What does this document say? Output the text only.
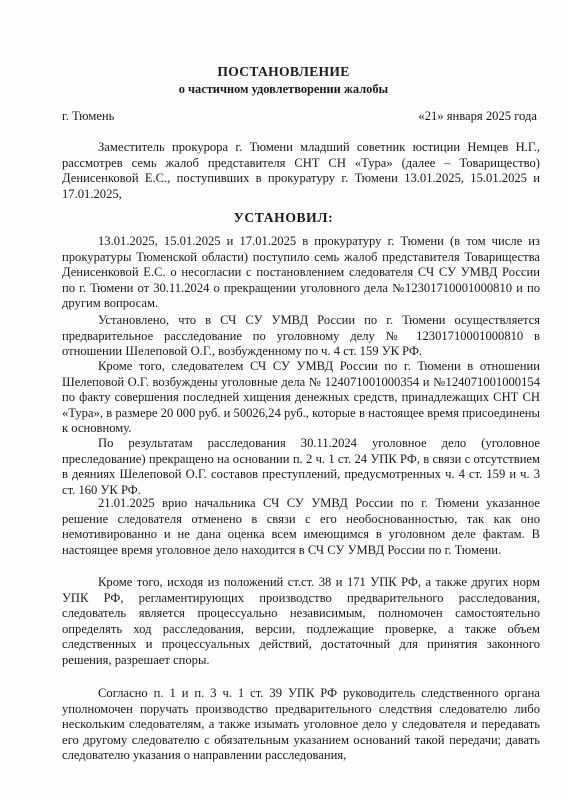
ПОСТАНОВЛЕНИЕ
о частичном удовлетворении жалобы
г. Тюмень	«21» января 2025 года

Заместитель прокурора г. Тюмени младший советник юстиции Немцев Н.Г., рассмотрев семь жалоб представителя СНТ СН «Тура» (далее – Товарищество) Денисенковой Е.С., поступивших в прокуратуру г. Тюмени 13.01.2025, 15.01.2025 и 17.01.2025,

УСТАНОВИЛ:

13.01.2025, 15.01.2025 и 17.01.2025 в прокуратуру г. Тюмени (в том числе из прокуратуры Тюменской области) поступило семь жалоб представителя Товарищества Денисенковой Е.С. о несогласии с постановлением следователя СЧ СУ УМВД России по г. Тюмени от 30.11.2024 о прекращении уголовного дела №12301710001000810 и по другим вопросам.

Установлено, что в СЧ СУ УМВД России по г. Тюмени осуществляется предварительное расследование по уголовному делу № 12301710001000810 в отношении Шелеповой О.Г., возбужденному по ч. 4 ст. 159 УК РФ.

Кроме того, следователем СЧ СУ УМВД России по г. Тюмени в отношении Шелеповой О.Г. возбуждены уголовные дела № 124071001000354 и №124071001000154 по факту совершения последней хищения денежных средств, принадлежащих СНТ СН «Тура», в размере 20 000 руб. и 50026,24 руб., которые в настоящее время присоединены к основному.

По результатам расследования 30.11.2024 уголовное дело (уголовное преследование) прекращено на основании п. 2 ч. 1 ст. 24 УПК РФ, в связи с отсутствием в деяниях Шелеповой О.Г. составов преступлений, предусмотренных ч. 4 ст. 159 и ч. 3 ст. 160 УК РФ.

21.01.2025 врио начальника СЧ СУ УМВД России по г. Тюмени указанное решение следователя отменено в связи с его необоснованностью, так как оно немотивированно и не дана оценка всем имеющимся в уголовном деле фактам. В настоящее время уголовное дело находится в СЧ СУ УМВД России по г. Тюмени.

Кроме того, исходя из положений ст.ст. 38 и 171 УПК РФ, а также других норм УПК РФ, регламентирующих производство предварительного расследования, следователь является процессуально независимым, полномочен самостоятельно определять ход расследования, версии, подлежащие проверке, а также объем следственных и процессуальных действий, достаточный для принятия законного решения, разрешает споры.

Согласно п. 1 и п. 3 ч. 1 ст. 39 УПК РФ руководитель следственного органа уполномочен поручать производство предварительного следствия следователю либо нескольким следователям, а также изымать уголовное дело у следователя и передавать его другому следователю с обязательным указанием оснований такой передачи; давать следователю указания о направлении расследования,
